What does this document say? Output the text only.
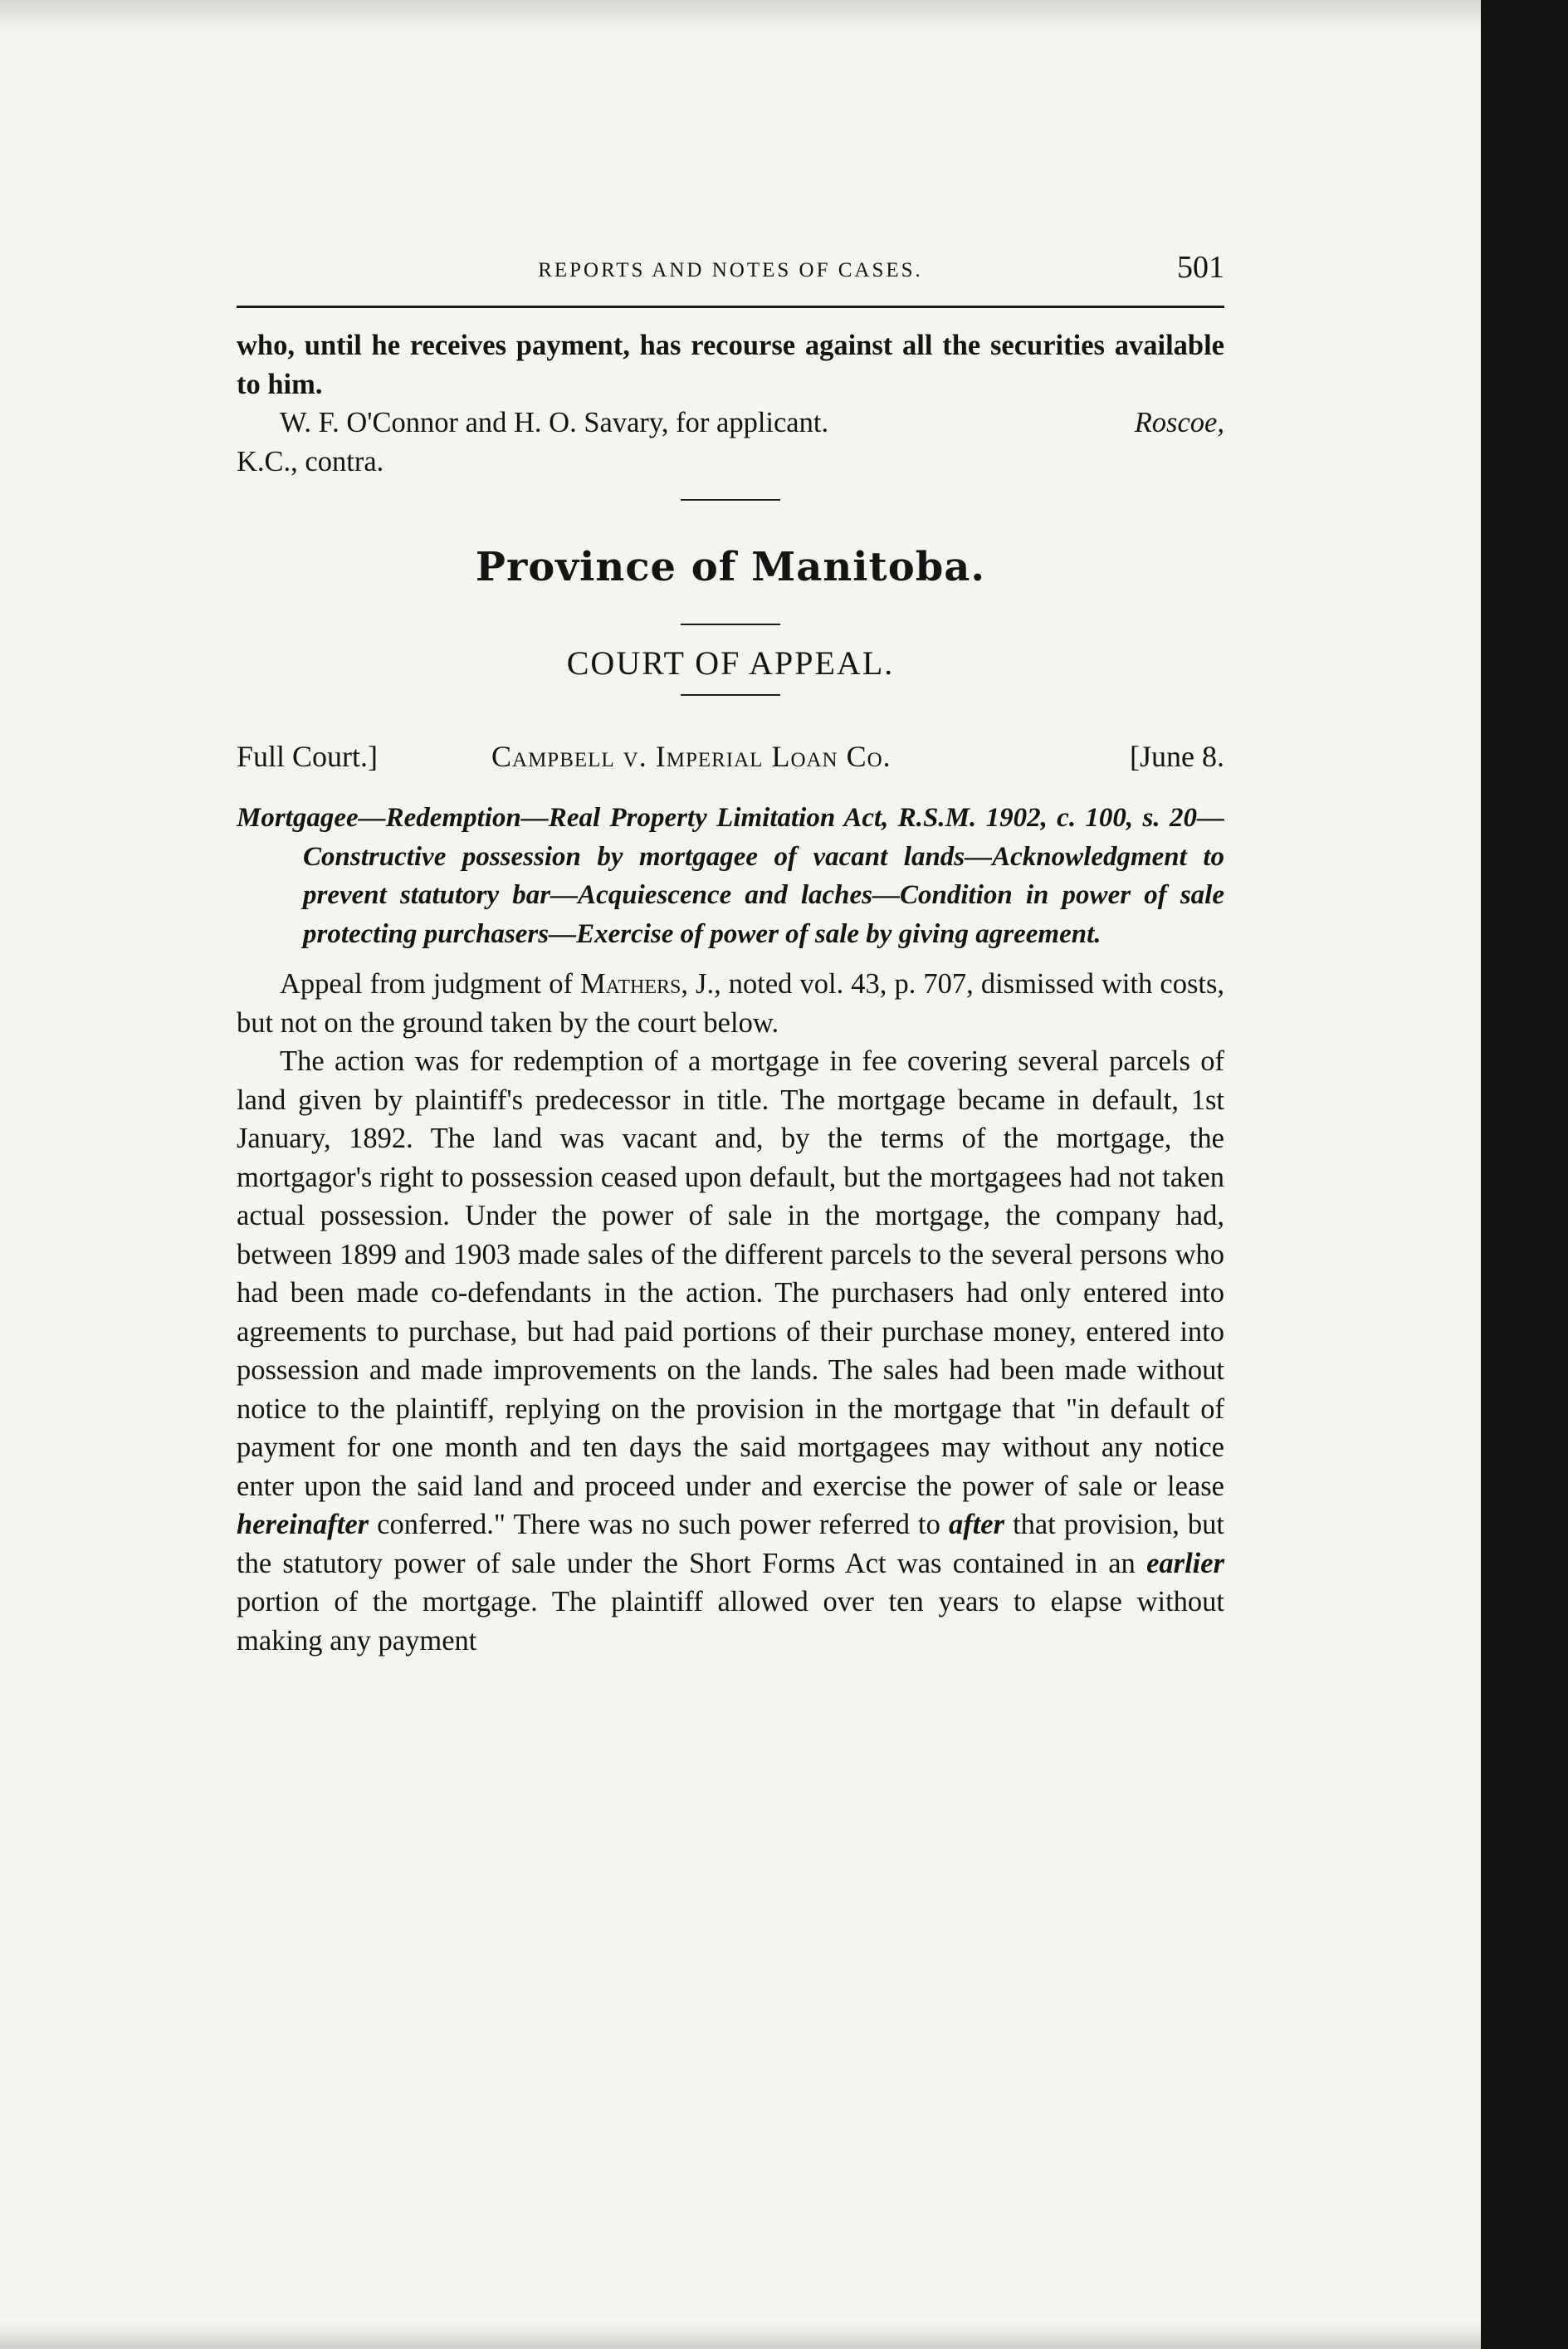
REPORTS AND NOTES OF CASES.	501

who, until he receives payment, has recourse against all the securities available to him.

Roscoe,
W. F. O'Connor and H. O. Savary, for applicant.

K.C., contra.

Province of Manitoba.
COURT OF APPEAL.
Full Court.]	Campbell v. Imperial Loan Co.	[June 8.

Mortgagee—Redemption—Real Property Limitation Act, R.S.M. 1902, c. 100, s. 20—Constructive possession by mortgagee of vacant lands—Acknowledgment to prevent statutory bar—Acquiescence and laches—Condition in power of sale protecting purchasers—Exercise of power of sale by giving agreement.

Appeal from judgment of Mathers, J., noted vol. 43, p. 707, dismissed with costs, but not on the ground taken by the court below.

The action was for redemption of a mortgage in fee covering several parcels of land given by plaintiff's predecessor in title. The mortgage became in default, 1st January, 1892. The land was vacant and, by the terms of the mortgage, the mortgagor's right to possession ceased upon default, but the mortgagees had not taken actual possession. Under the power of sale in the mortgage, the company had, between 1899 and 1903 made sales of the different parcels to the several persons who had been made co-defendants in the action. The purchasers had only entered into agreements to purchase, but had paid portions of their purchase money, entered into possession and made improvements on the lands. The sales had been made without notice to the plaintiff, replying on the provision in the mortgage that "in default of payment for one month and ten days the said mortgagees may without any notice enter upon the said land and proceed under and exercise the power of sale or lease hereinafter conferred." There was no such power referred to after that provision, but the statutory power of sale under the Short Forms Act was contained in an earlier portion of the mortgage. The plaintiff allowed over ten years to elapse without making any payment
